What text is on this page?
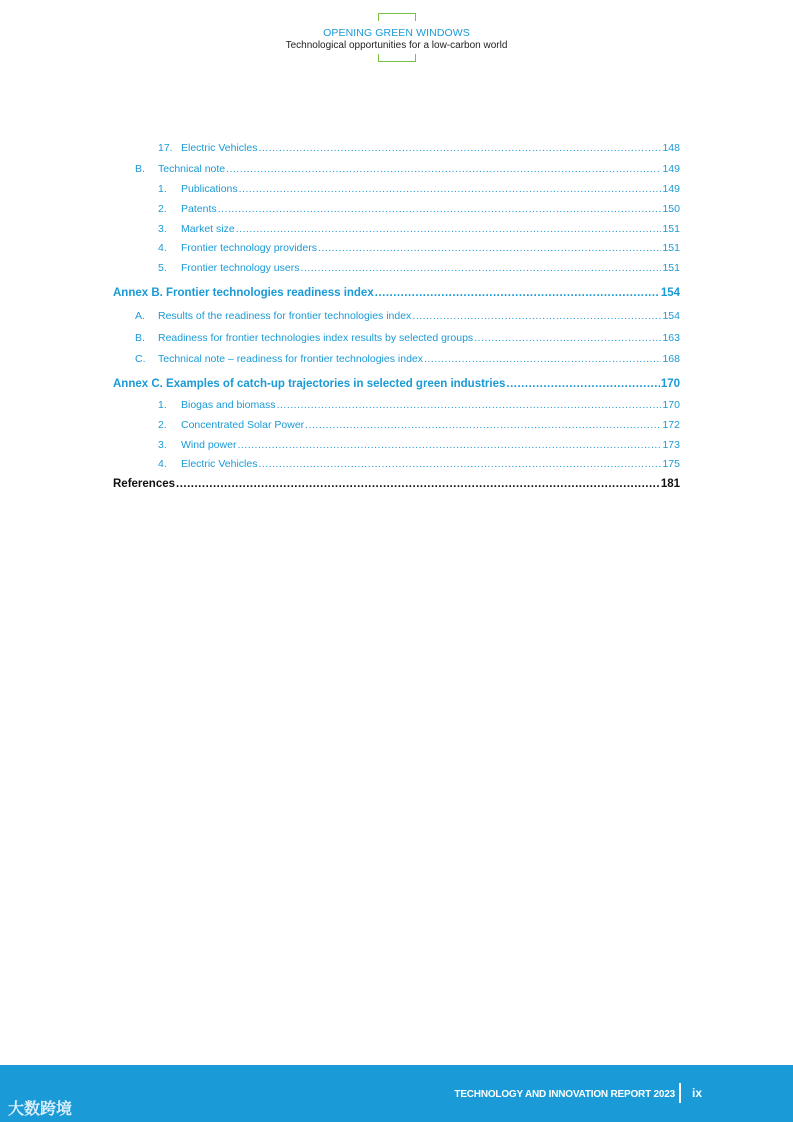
OPENING GREEN WINDOWS
Technological opportunities for a low-carbon world
17. Electric Vehicles .....	148
B.	Technical note .....	149
1.	Publications .....	149
2.	Patents .....	150
3.	Market size .....	151
4.	Frontier technology providers .....	151
5.	Frontier technology users .....	151
Annex B. Frontier technologies readiness index .....	154
A.	Results of the readiness for frontier technologies index .....	154
B.	Readiness for frontier technologies index results by selected groups .....	163
C.	Technical note – readiness for frontier technologies index .....	168
Annex C. Examples of catch-up trajectories in selected green industries .....	170
1.	Biogas and biomass .....	170
2.	Concentrated Solar Power .....	172
3.	Wind power .....	173
4.	Electric Vehicles .....	175
References .....	181
大数跨境
TECHNOLOGY AND INNOVATION REPORT 2023 ix
